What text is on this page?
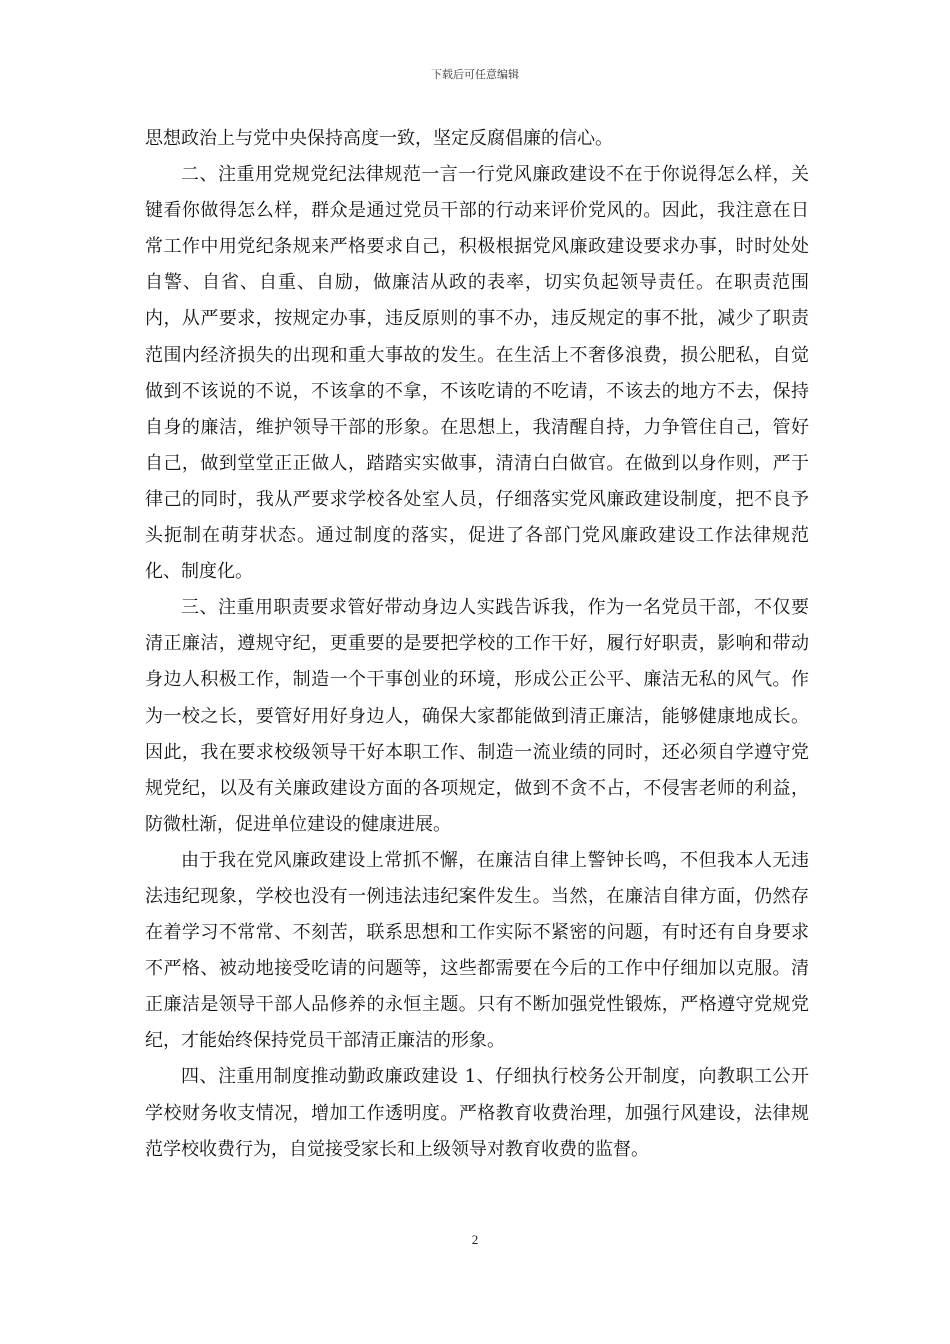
下载后可任意编辑

思想政治上与党中央保持高度一致，坚定反腐倡廉的信心。

二、注重用党规党纪法律规范一言一行党风廉政建设不在于你说得怎么样，关键看你做得怎么样，群众是通过党员干部的行动来评价党风的。因此，我注意在日常工作中用党纪条规来严格要求自己，积极根据党风廉政建设要求办事，时时处处自警、自省、自重、自励，做廉洁从政的表率，切实负起领导责任。在职责范围内，从严要求，按规定办事，违反原则的事不办，违反规定的事不批，减少了职责范围内经济损失的出现和重大事故的发生。在生活上不奢侈浪费，损公肥私，自觉做到不该说的不说，不该拿的不拿，不该吃请的不吃请，不该去的地方不去，保持自身的廉洁，维护领导干部的形象。在思想上，我清醒自持，力争管住自己，管好自己，做到堂堂正正做人，踏踏实实做事，清清白白做官。在做到以身作则，严于律己的同时，我从严要求学校各处室人员，仔细落实党风廉政建设制度，把不良予头扼制在萌芽状态。通过制度的落实，促进了各部门党风廉政建设工作法律规范化、制度化。

三、注重用职责要求管好带动身边人实践告诉我，作为一名党员干部，不仅要清正廉洁，遵规守纪，更重要的是要把学校的工作干好，履行好职责，影响和带动身边人积极工作，制造一个干事创业的环境，形成公正公平、廉洁无私的风气。作为一校之长，要管好用好身边人，确保大家都能做到清正廉洁，能够健康地成长。因此，我在要求校级领导干好本职工作、制造一流业绩的同时，还必须自学遵守党规党纪，以及有关廉政建设方面的各项规定，做到不贪不占，不侵害老师的利益，防微杜渐，促进单位建设的健康进展。

由于我在党风廉政建设上常抓不懈，在廉洁自律上警钟长鸣，不但我本人无违法违纪现象，学校也没有一例违法违纪案件发生。当然，在廉洁自律方面，仍然存在着学习不常常、不刻苦，联系思想和工作实际不紧密的问题，有时还有自身要求不严格、被动地接受吃请的问题等，这些都需要在今后的工作中仔细加以克服。清正廉洁是领导干部人品修养的永恒主题。只有不断加强党性锻炼，严格遵守党规党纪，才能始终保持党员干部清正廉洁的形象。

四、注重用制度推动勤政廉政建设 1、仔细执行校务公开制度，向教职工公开学校财务收支情况，增加工作透明度。严格教育收费治理，加强行风建设，法律规范学校收费行为，自觉接受家长和上级领导对教育收费的监督。

2
